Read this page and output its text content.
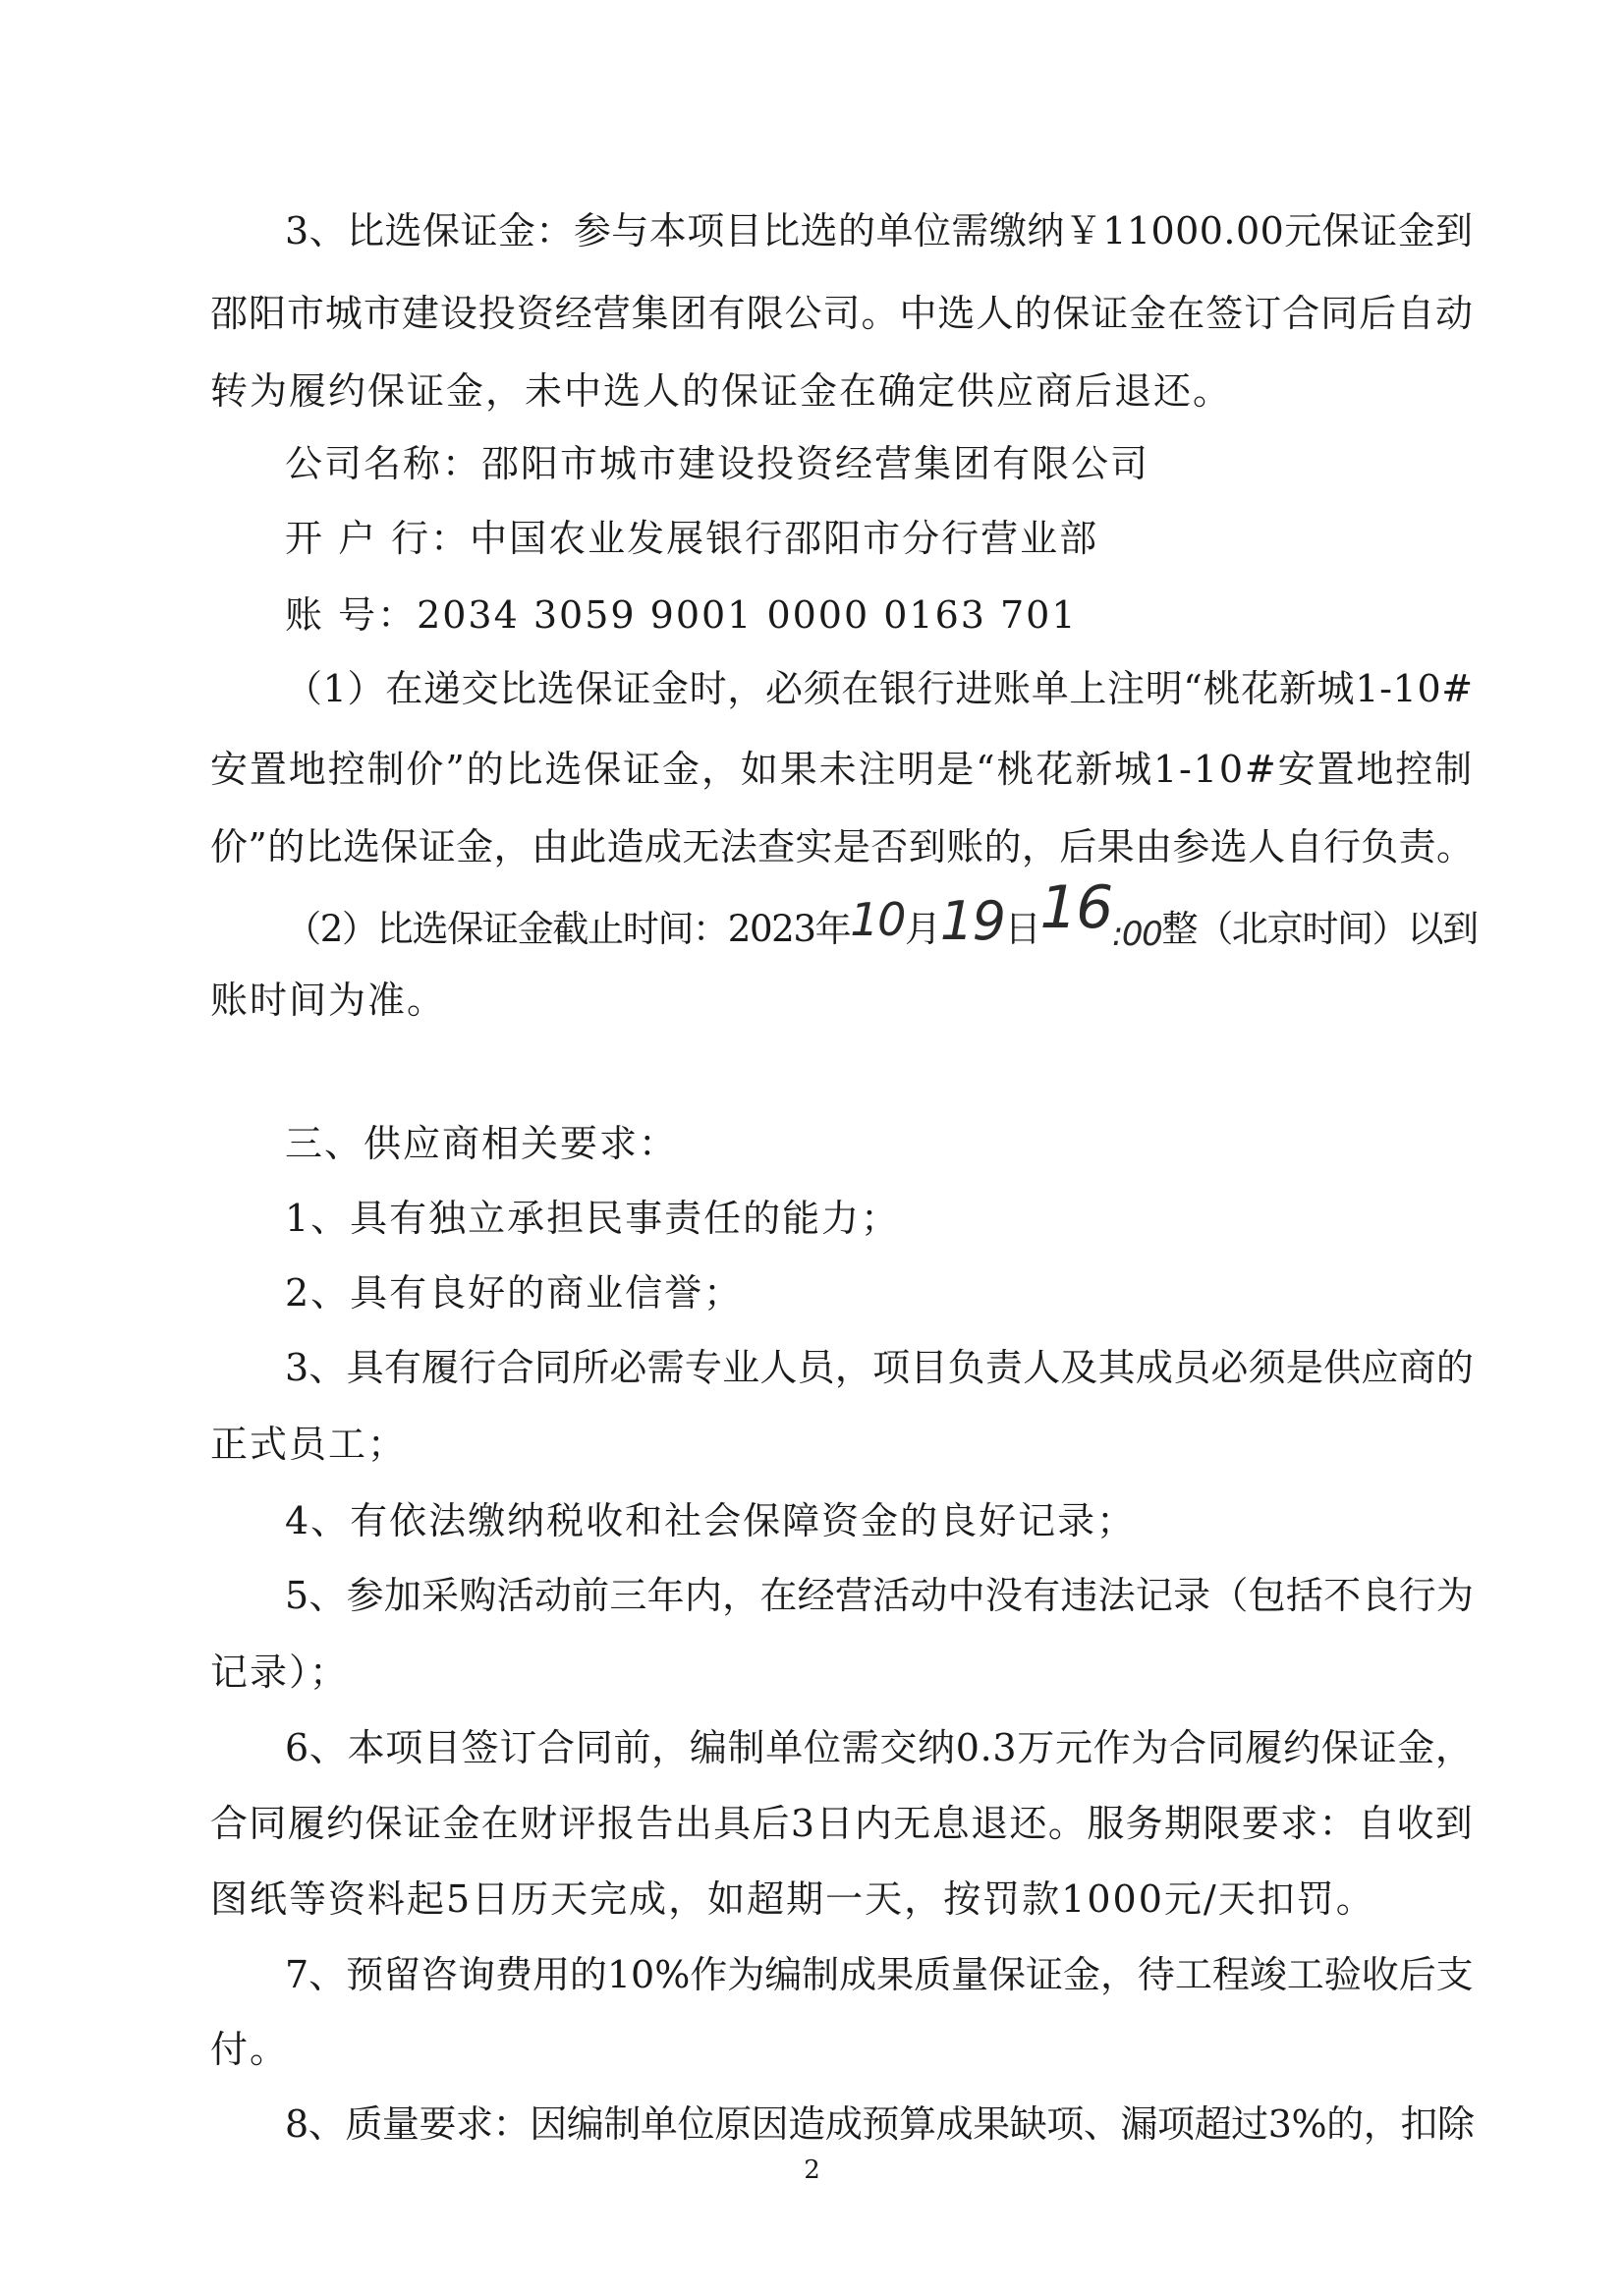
3、比选保证金：参与本项目比选的单位需缴纳￥11000.00元保证金到
邵阳市城市建设投资经营集团有限公司。中选人的保证金在签订合同后自动
转为履约保证金，未中选人的保证金在确定供应商后退还。
公司名称：邵阳市城市建设投资经营集团有限公司
开 户 行：中国农业发展银行邵阳市分行营业部
账 号：2034 3059 9001 0000 0163 701
（1）在递交比选保证金时，必须在银行进账单上注明“桃花新城1-10#
安置地控制价”的比选保证金，如果未注明是“桃花新城1-10#安置地控制
价”的比选保证金，由此造成无法查实是否到账的，后果由参选人自行负责。
（2）比选保证金截止时间：2023年10月19日16:00整（北京时间）以到
账时间为准。
三、供应商相关要求：
1、具有独立承担民事责任的能力；
2、具有良好的商业信誉；
3、具有履行合同所必需专业人员，项目负责人及其成员必须是供应商的
正式员工；
4、有依法缴纳税收和社会保障资金的良好记录；
5、参加采购活动前三年内，在经营活动中没有违法记录（包括不良行为
记录）；
6、本项目签订合同前，编制单位需交纳0.3万元作为合同履约保证金，
合同履约保证金在财评报告出具后3日内无息退还。服务期限要求：自收到
图纸等资料起5日历天完成，如超期一天，按罚款1000元/天扣罚。
7、预留咨询费用的10%作为编制成果质量保证金，待工程竣工验收后支
付。
8、质量要求：因编制单位原因造成预算成果缺项、漏项超过3%的，扣除
2
